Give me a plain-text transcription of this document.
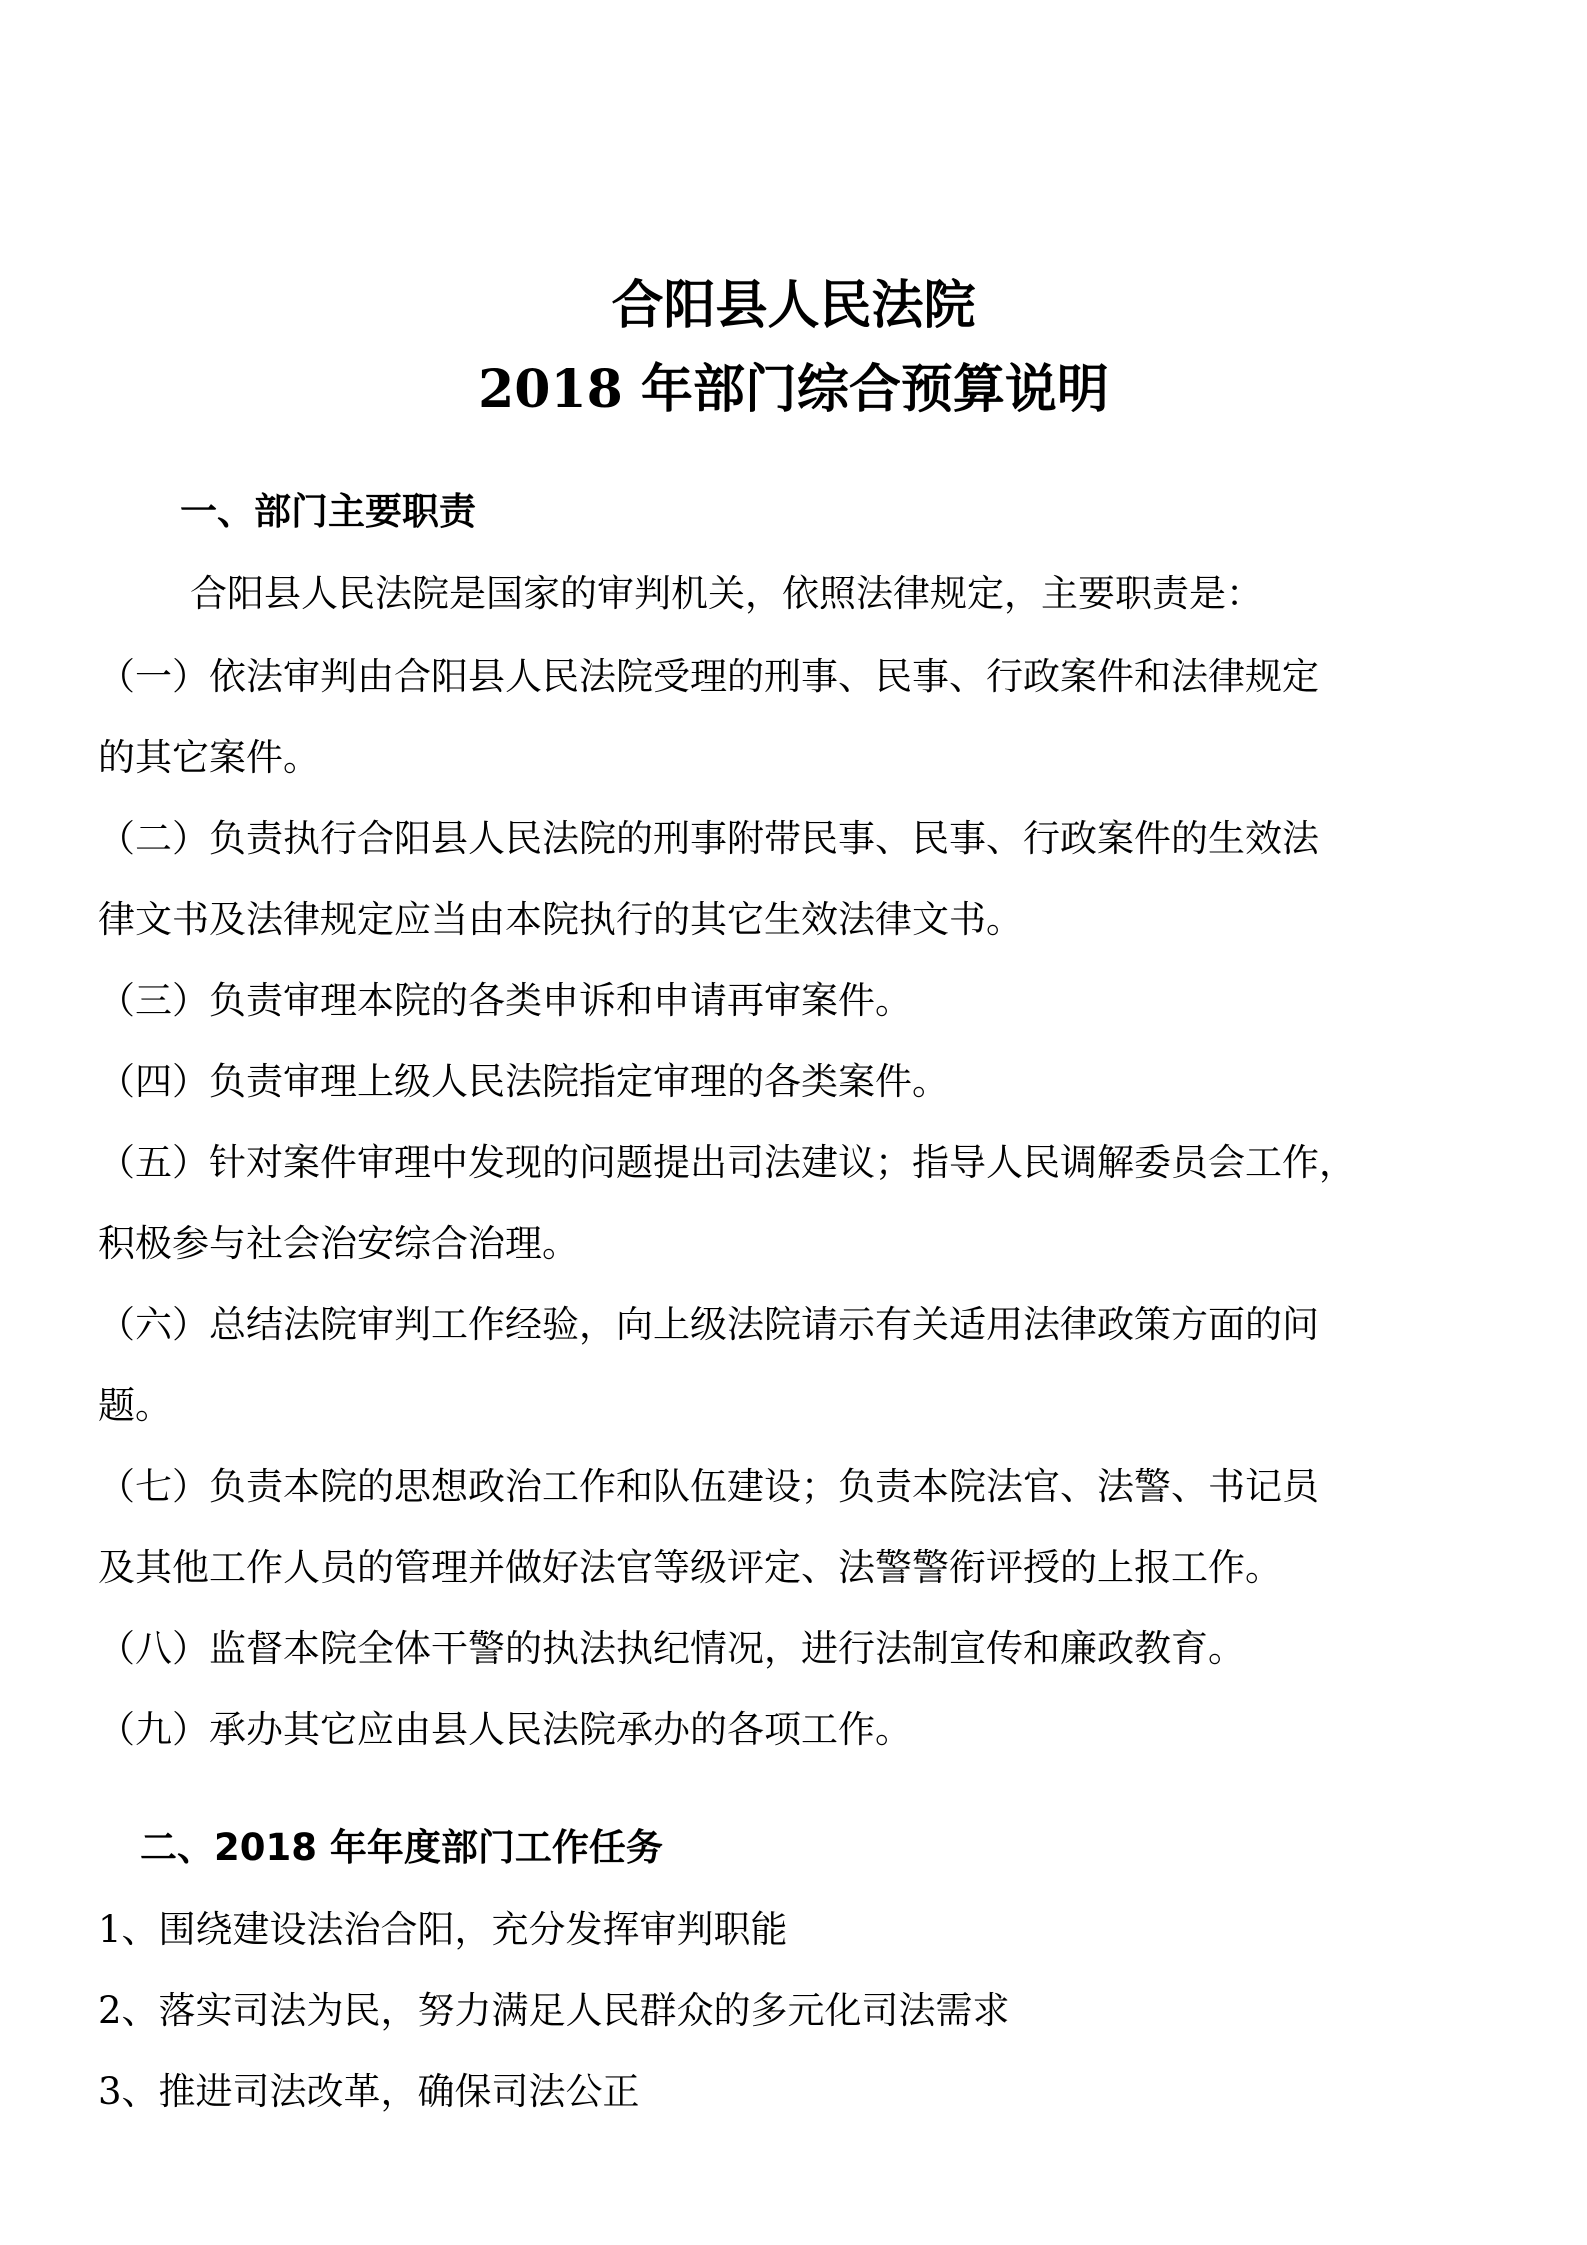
合阳县人民法院
2018 年部门综合预算说明
一、部门主要职责
合阳县人民法院是国家的审判机关，依照法律规定，主要职责是：
（一）依法审判由合阳县人民法院受理的刑事、民事、行政案件和法律规定
的其它案件。
（二）负责执行合阳县人民法院的刑事附带民事、民事、行政案件的生效法
律文书及法律规定应当由本院执行的其它生效法律文书。
（三）负责审理本院的各类申诉和申请再审案件。
（四）负责审理上级人民法院指定审理的各类案件。
（五）针对案件审理中发现的问题提出司法建议；指导人民调解委员会工作，
积极参与社会治安综合治理。
（六）总结法院审判工作经验，向上级法院请示有关适用法律政策方面的问
题。
（七）负责本院的思想政治工作和队伍建设；负责本院法官、法警、书记员
及其他工作人员的管理并做好法官等级评定、法警警衔评授的上报工作。
（八）监督本院全体干警的执法执纪情况，进行法制宣传和廉政教育。
（九）承办其它应由县人民法院承办的各项工作。
二、2018 年年度部门工作任务
1、围绕建设法治合阳，充分发挥审判职能
2、落实司法为民，努力满足人民群众的多元化司法需求
3、推进司法改革，确保司法公正
